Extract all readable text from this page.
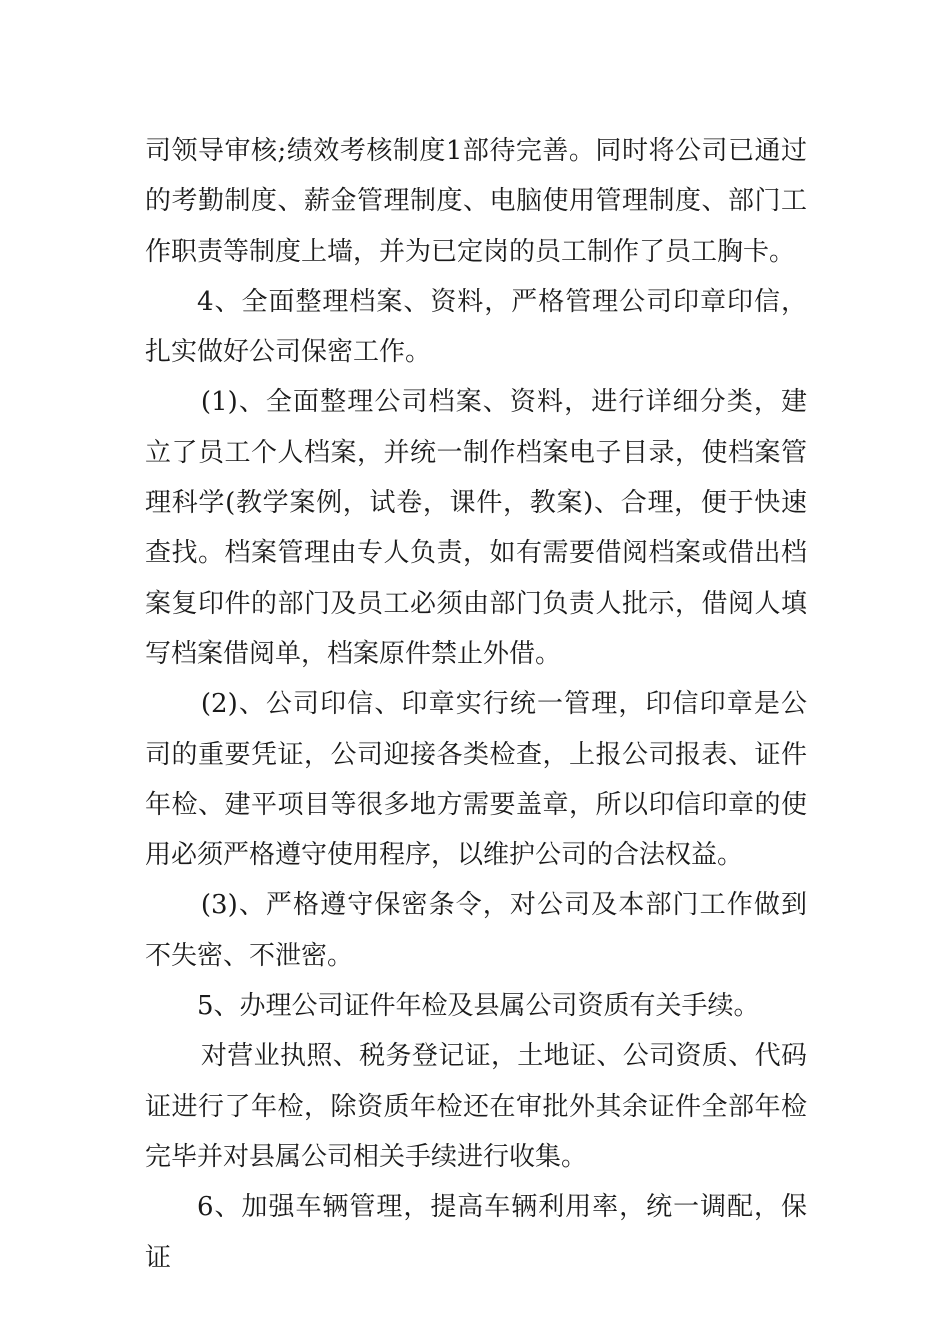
司领导审核;绩效考核制度1部待完善。同时将公司已通过的考勤制度、薪金管理制度、电脑使用管理制度、部门工作职责等制度上墙，并为已定岗的员工制作了员工胸卡。

4、全面整理档案、资料，严格管理公司印章印信，扎实做好公司保密工作。

(1)、全面整理公司档案、资料，进行详细分类，建立了员工个人档案，并统一制作档案电子目录，使档案管理科学(教学案例，试卷，课件，教案)、合理，便于快速查找。档案管理由专人负责，如有需要借阅档案或借出档案复印件的部门及员工必须由部门负责人批示，借阅人填写档案借阅单，档案原件禁止外借。

(2)、公司印信、印章实行统一管理，印信印章是公司的重要凭证，公司迎接各类检查，上报公司报表、证件年检、建平项目等很多地方需要盖章，所以印信印章的使用必须严格遵守使用程序，以维护公司的合法权益。

(3)、严格遵守保密条令，对公司及本部门工作做到不失密、不泄密。

5、办理公司证件年检及县属公司资质有关手续。

对营业执照、税务登记证，土地证、公司资质、代码证进行了年检，除资质年检还在审批外其余证件全部年检完毕并对县属公司相关手续进行收集。

6、加强车辆管理，提高车辆利用率，统一调配，保证
